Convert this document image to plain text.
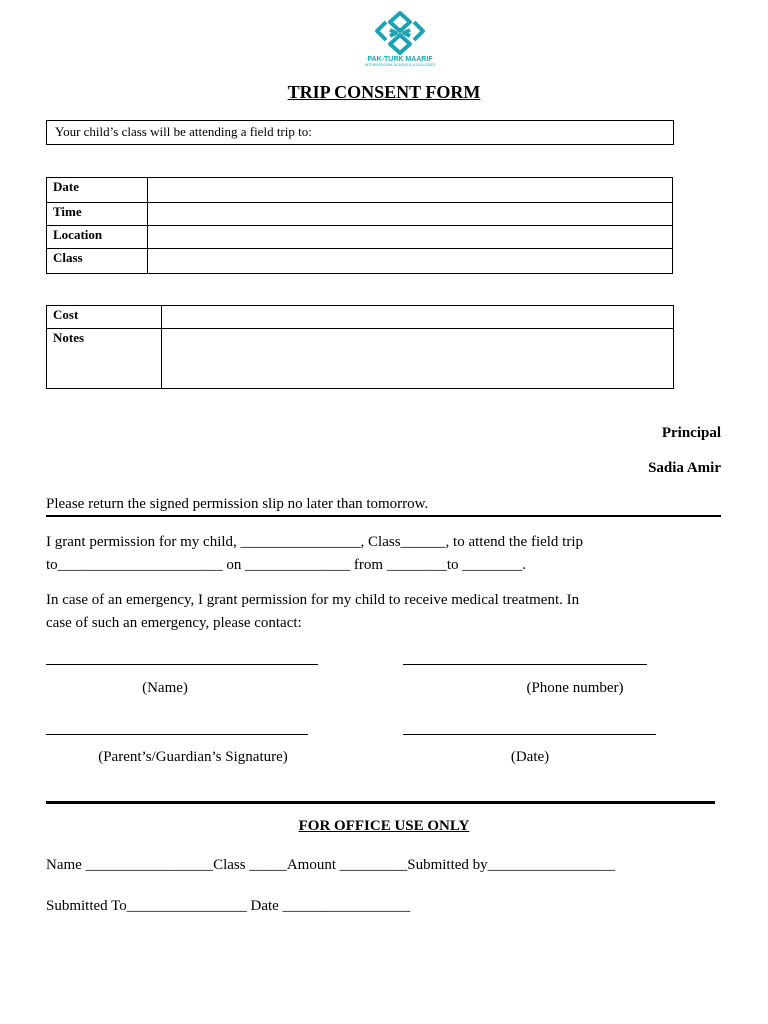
PAK-TURK MAARIF
INTERNATIONAL SCHOOLS & COLLEGES
TRIP CONSENT FORM
Your child’s class will be attending a field trip to:
Date	
Time	
Location	
Class	
Cost	
Notes	
Principal
Sadia Amir
Please return the signed permission slip no later than tomorrow.
I grant permission for my child, ________________, Class______, to attend the field trip
to______________________ on ______________ from ________to ________.
In case of an emergency, I grant permission for my child to receive medical treatment. In
case of such an emergency, please contact:
(Name)	(Phone number)
(Parent’s/Guardian’s Signature)	(Date)
FOR OFFICE USE ONLY
Name _________________Class _____Amount _________Submitted by_________________
Submitted To________________ Date _________________
